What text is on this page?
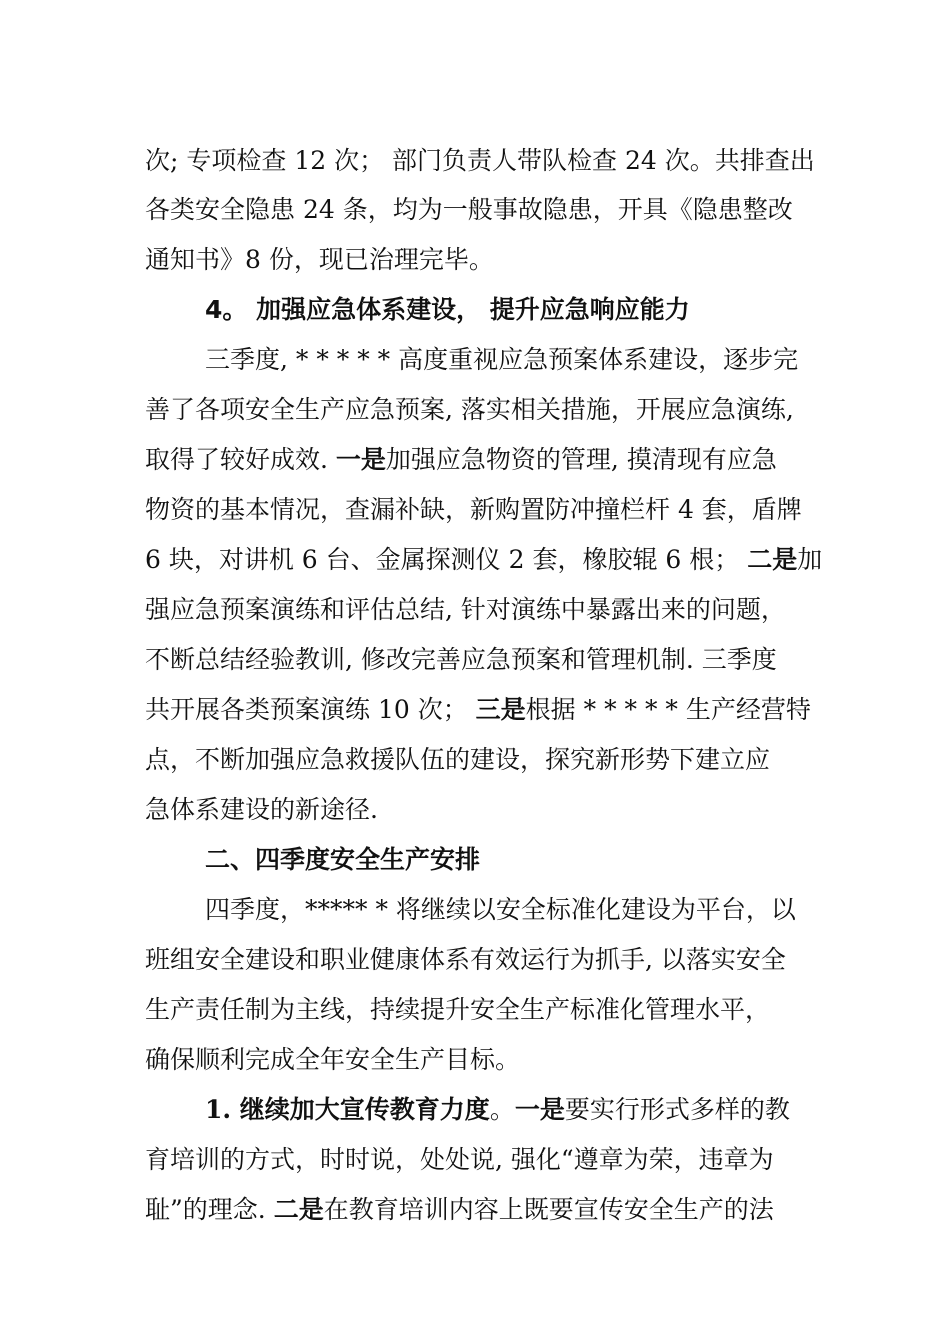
次; 专项检查 12 次； 部门负责人带队检查 24 次。共排查出
各类安全隐患 24 条，均为一般事故隐患，开具《隐患整改
通知书》8 份，现已治理完毕。
4。 加强应急体系建设， 提升应急响应能力
三季度, * * * * * 高度重视应急预案体系建设，逐步完
善了各项安全生产应急预案, 落实相关措施，开展应急演练,
取得了较好成效. 一是加强应急物资的管理, 摸清现有应急
物资的基本情况，查漏补缺，新购置防冲撞栏杆 4 套，盾牌
6 块，对讲机 6 台、金属探测仪 2 套，橡胶辊 6 根； 二是加
强应急预案演练和评估总结, 针对演练中暴露出来的问题，
不断总结经验教训, 修改完善应急预案和管理机制. 三季度
共开展各类预案演练 10 次； 三是根据 * * * * * 生产经营特
点，不断加强应急救援队伍的建设，探究新形势下建立应
急体系建设的新途径.
二、四季度安全生产安排
四季度，***** * 将继续以安全标准化建设为平台，以
班组安全建设和职业健康体系有效运行为抓手, 以落实安全
生产责任制为主线，持续提升安全生产标准化管理水平，
确保顺利完成全年安全生产目标。
1. 继续加大宣传教育力度。一是要实行形式多样的教
育培训的方式，时时说，处处说, 强化“遵章为荣，违章为
耻”的理念. 二是在教育培训内容上既要宣传安全生产的法
